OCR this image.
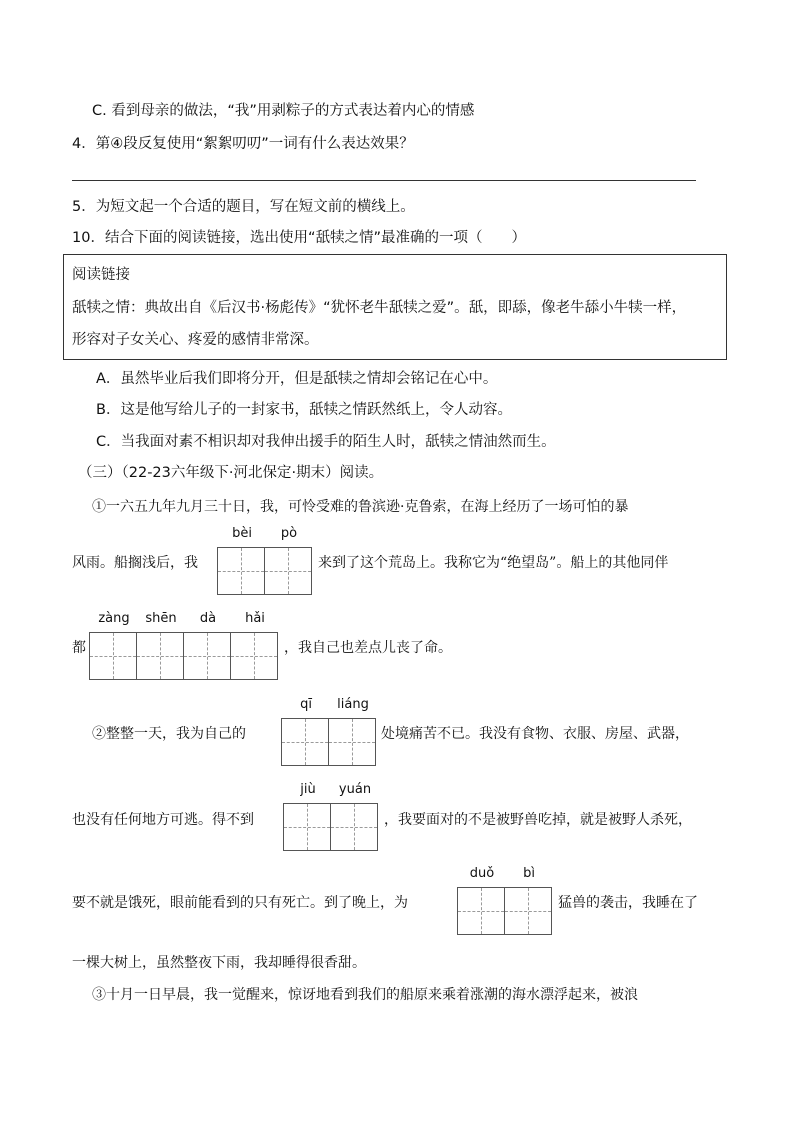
C. 看到母亲的做法，“我”用剥粽子的方式表达着内心的情感
4．第④段反复使用“絮絮叨叨”一词有什么表达效果？
5．为短文起一个合适的题目，写在短文前的横线上。
10．结合下面的阅读链接，选出使用“舐犊之情”最准确的一项（　　）
阅读链接
舐犊之情：典故出自《后汉书·杨彪传》“犹怀老牛舐犊之爱”。舐，即舔，像老牛舔小牛犊一样，
形容对子女关心、疼爱的感情非常深。
A．虽然毕业后我们即将分开，但是舐犊之情却会铭记在心中。
B．这是他写给儿子的一封家书，舐犊之情跃然纸上，令人动容。
C．当我面对素不相识却对我伸出援手的陌生人时，舐犊之情油然而生。
（三）（22-23六年级下·河北保定·期末）阅读。
①一六五九年九月三十日，我，可怜受难的鲁滨逊·克鲁索，在海上经历了一场可怕的暴
风雨。船搁浅后，我
bèi	pò
来到了这个荒岛上。我称它为“绝望岛”。船上的其他同伴
都
zàng	shēn	dà	hǎi
，我自己也差点儿丧了命。
②整整一天，我为自己的
qī	liáng
处境痛苦不已。我没有食物、衣服、房屋、武器，
也没有任何地方可逃。得不到
jiù	yuán
，我要面对的不是被野兽吃掉，就是被野人杀死，
要不就是饿死，眼前能看到的只有死亡。到了晚上，为
duǒ	bì
猛兽的袭击，我睡在了
一棵大树上，虽然整夜下雨，我却睡得很香甜。
③十月一日早晨，我一觉醒来，惊讶地看到我们的船原来乘着涨潮的海水漂浮起来，被浪
